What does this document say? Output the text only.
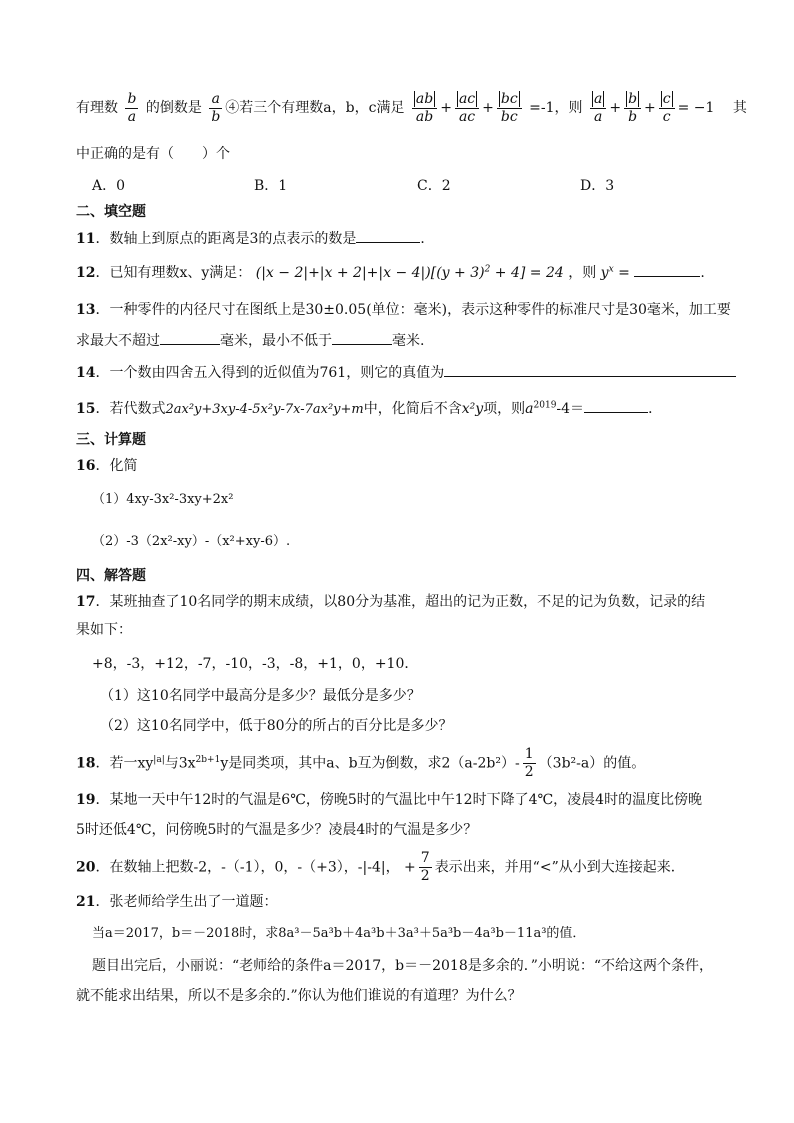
有理数 $\frac{b}{a}$ 的倒数是 $\frac{a}{b}$ ④若三个有理数a，b，c满足 $\frac{ab}{ab} + \frac{ac}{ac} + \frac{bc}{bc} =-1$，则 $\frac{a}{a} + \frac{b}{b} + \frac{c}{c} = -1$ 其
中正确的是有（　　）个
A．0	B．1	C．2	D．3
二、填空题
11．数轴上到原点的距离是3的点表示的数是	．
12．已知有理数x、y满足： $(|x - 2|+|x + 2|+|x - 4|)[(y + 3)^2 + 4] = 24$ ，则 $y^x$ =	.
13．一种零件的内径尺寸在图纸上是30±0.05(单位：毫米)，表示这种零件的标准尺寸是30毫米，加工要
求最大不超过	毫米，最小不低于	毫米.
14．一个数由四舍五入得到的近似值为761，则它的真值为
15．若代数式2ax²y+3xy-4-5x²y-7x-7ax²y+m中，化简后不含x²y项，则$a^{2019}-4=$	．
三、计算题
16．化简
（1）4xy-3x²-3xy+2x²
（2）-3（2x²-xy）-（x²+xy-6）.
四、解答题
17．某班抽查了10名同学的期末成绩，以80分为基准，超出的记为正数，不足的记为负数，记录的结
果如下：
+8，-3，+12，-7，-10，-3，-8，+1，0，+10．
（1）这10名同学中最高分是多少？最低分是多少？
（2）这10名同学中，低于80分的所占的百分比是多少？
18．若一$xy^{|a|}$与$3x^{2b+1}y$是同类项，其中a、b互为倒数，求$2(a-2b^2)- \frac{1}{2} (3b^2-a)$的值。
19．某地一天中午12时的气温是6℃，傍晚5时的气温比中午12时下降了4℃，凌晨4时的温度比傍晚
5时还低4℃，问傍晚5时的气温是多少？凌晨4时的气温是多少？
20．在数轴上把数-2，-（-1），0，-（+3），-|-4|， + $\frac{7}{2}$ 表示出来，并用“<”从小到大连接起来．
21．张老师给学生出了一道题：
当a＝2017，b＝－2018时，求8a³－5a³b＋4a³b＋3a³＋5a³b－4a³b－11a³的值．
题目出完后，小丽说：“老师给的条件a＝2017，b＝－2018是多余的．”小明说：“不给这两个条件，
就不能求出结果，所以不是多余的.”你认为他们谁说的有道理？为什么？
